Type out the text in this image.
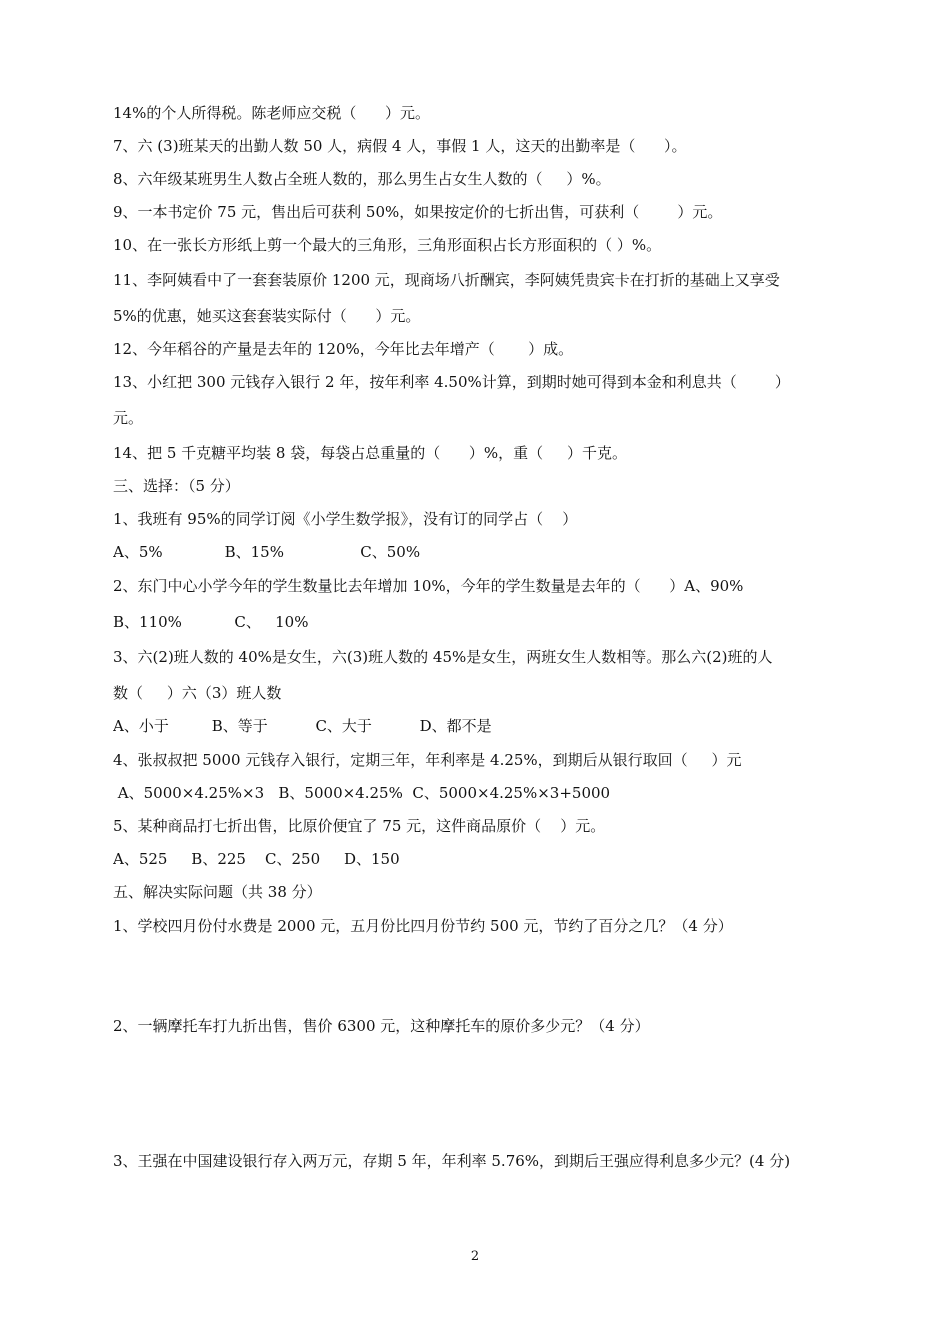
14%的个人所得税。陈老师应交税（      ）元。
7、六 (3)班某天的出勤人数 50 人，病假 4 人，事假 1 人，这天的出勤率是（      ）。
8、六年级某班男生人数占全班人数的，那么男生占女生人数的（     ）%。
9、一本书定价 75 元，售出后可获利 50%，如果按定价的七折出售，可获利（        ）元。
10、在一张长方形纸上剪一个最大的三角形，三角形面积占长方形面积的（ ）%。
11、李阿姨看中了一套套装原价 1200 元，现商场八折酬宾，李阿姨凭贵宾卡在打折的基础上又享受
5%的优惠，她买这套套装实际付（      ）元。
12、今年稻谷的产量是去年的 120%，今年比去年增产（       ）成。
13、小红把 300 元钱存入银行 2 年，按年利率 4.50%计算，到期时她可得到本金和利息共（        ）
元。
14、把 5 千克糖平均装 8 袋，每袋占总重量的（      ）%，重（     ）千克。
三、选择：（5 分）
1、我班有 95%的同学订阅《小学生数学报》，没有订的同学占（    ）
A、5%             B、15%                C、50%
2、东门中心小学今年的学生数量比去年增加 10%，今年的学生数量是去年的（      ）A、90%
B、110%           C、   10%
3、六(2)班人数的 40%是女生，六(3)班人数的 45%是女生，两班女生人数相等。那么六(2)班的人
数（     ）六（3）班人数
A、小于         B、等于          C、大于          D、都不是
4、张叔叔把 5000 元钱存入银行，定期三年，年利率是 4.25%，到期后从银行取回（     ）元
A、5000×4.25%×3   B、5000×4.25%  C、5000×4.25%×3+5000
5、某种商品打七折出售，比原价便宜了 75 元，这件商品原价（    ）元。
A、525     B、225    C、250     D、150
五、解决实际问题（共 38 分）
1、学校四月份付水费是 2000 元，五月份比四月份节约 500 元，节约了百分之几？（4 分）
2、一辆摩托车打九折出售，售价 6300 元，这种摩托车的原价多少元？（4 分）
3、王强在中国建设银行存入两万元，存期 5 年，年利率 5.76%，到期后王强应得利息多少元？(4 分)
2
